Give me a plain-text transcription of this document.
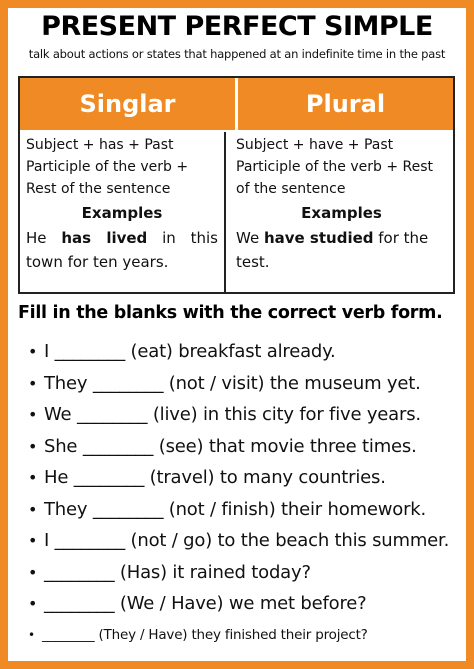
PRESENT PERFECT SIMPLE
talk about actions or states that happened at an indefinite time in the past
Singlar	Plural
Subject + has + Past
Participle of the verb +
Rest of the sentence
Examples
He has lived in this town for ten years.
Subject + have + Past
Participle of the verb + Rest
of the sentence
Examples
We have studied for the test.
Fill in the blanks with the correct verb form.
• I ________ (eat) breakfast already.
• They ________ (not / visit) the museum yet.
• We ________ (live) in this city for five years.
• She ________ (see) that movie three times.
• He ________ (travel) to many countries.
• They ________ (not / finish) their homework.
• I ________ (not / go) to the beach this summer.
• ________ (Has) it rained today?
• ________ (We / Have) we met before?
• ________ (They / Have) they finished their project?
